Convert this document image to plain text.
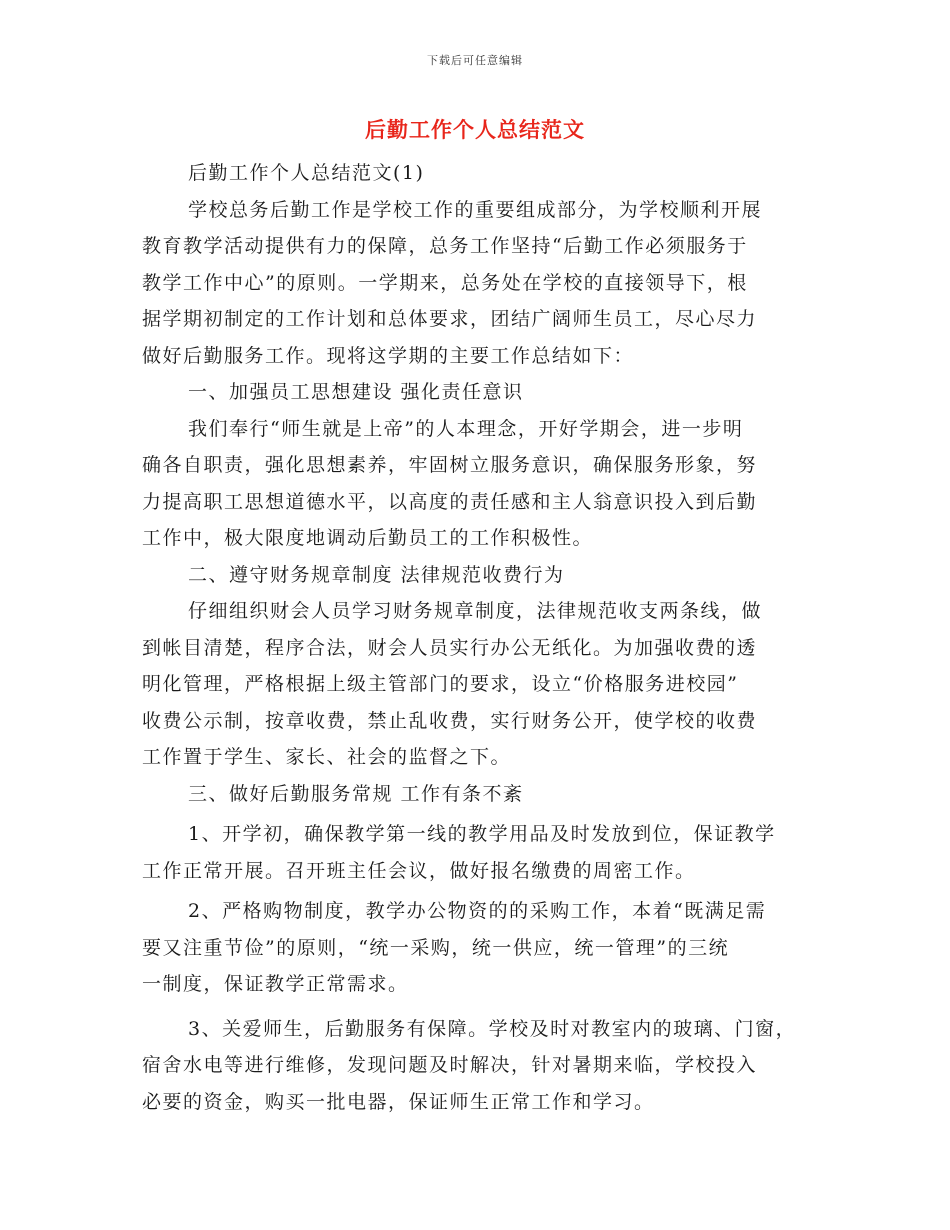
下载后可任意编辑
后勤工作个人总结范文
后勤工作个人总结范文(1)
学校总务后勤工作是学校工作的重要组成部分，为学校顺利开展
教育教学活动提供有力的保障，总务工作坚持“后勤工作必须服务于
教学工作中心”的原则。一学期来，总务处在学校的直接领导下，根
据学期初制定的工作计划和总体要求，团结广阔师生员工，尽心尽力
做好后勤服务工作。现将这学期的主要工作总结如下：
一、加强员工思想建设 强化责任意识
我们奉行“师生就是上帝”的人本理念，开好学期会，进一步明
确各自职责，强化思想素养，牢固树立服务意识，确保服务形象，努
力提高职工思想道德水平，以高度的责任感和主人翁意识投入到后勤
工作中，极大限度地调动后勤员工的工作积极性。
二、遵守财务规章制度 法律规范收费行为
仔细组织财会人员学习财务规章制度，法律规范收支两条线，做
到帐目清楚，程序合法，财会人员实行办公无纸化。为加强收费的透
明化管理，严格根据上级主管部门的要求，设立“价格服务进校园”
收费公示制，按章收费，禁止乱收费，实行财务公开，使学校的收费
工作置于学生、家长、社会的监督之下。
三、做好后勤服务常规 工作有条不紊
1、开学初，确保教学第一线的教学用品及时发放到位，保证教学
工作正常开展。召开班主任会议，做好报名缴费的周密工作。
2、严格购物制度，教学办公物资的的采购工作，本着“既满足需
要又注重节俭”的原则，“统一采购，统一供应，统一管理”的三统
一制度，保证教学正常需求。
3、关爱师生，后勤服务有保障。学校及时对教室内的玻璃、门窗，
宿舍水电等进行维修，发现问题及时解决，针对暑期来临，学校投入
必要的资金，购买一批电器，保证师生正常工作和学习。
